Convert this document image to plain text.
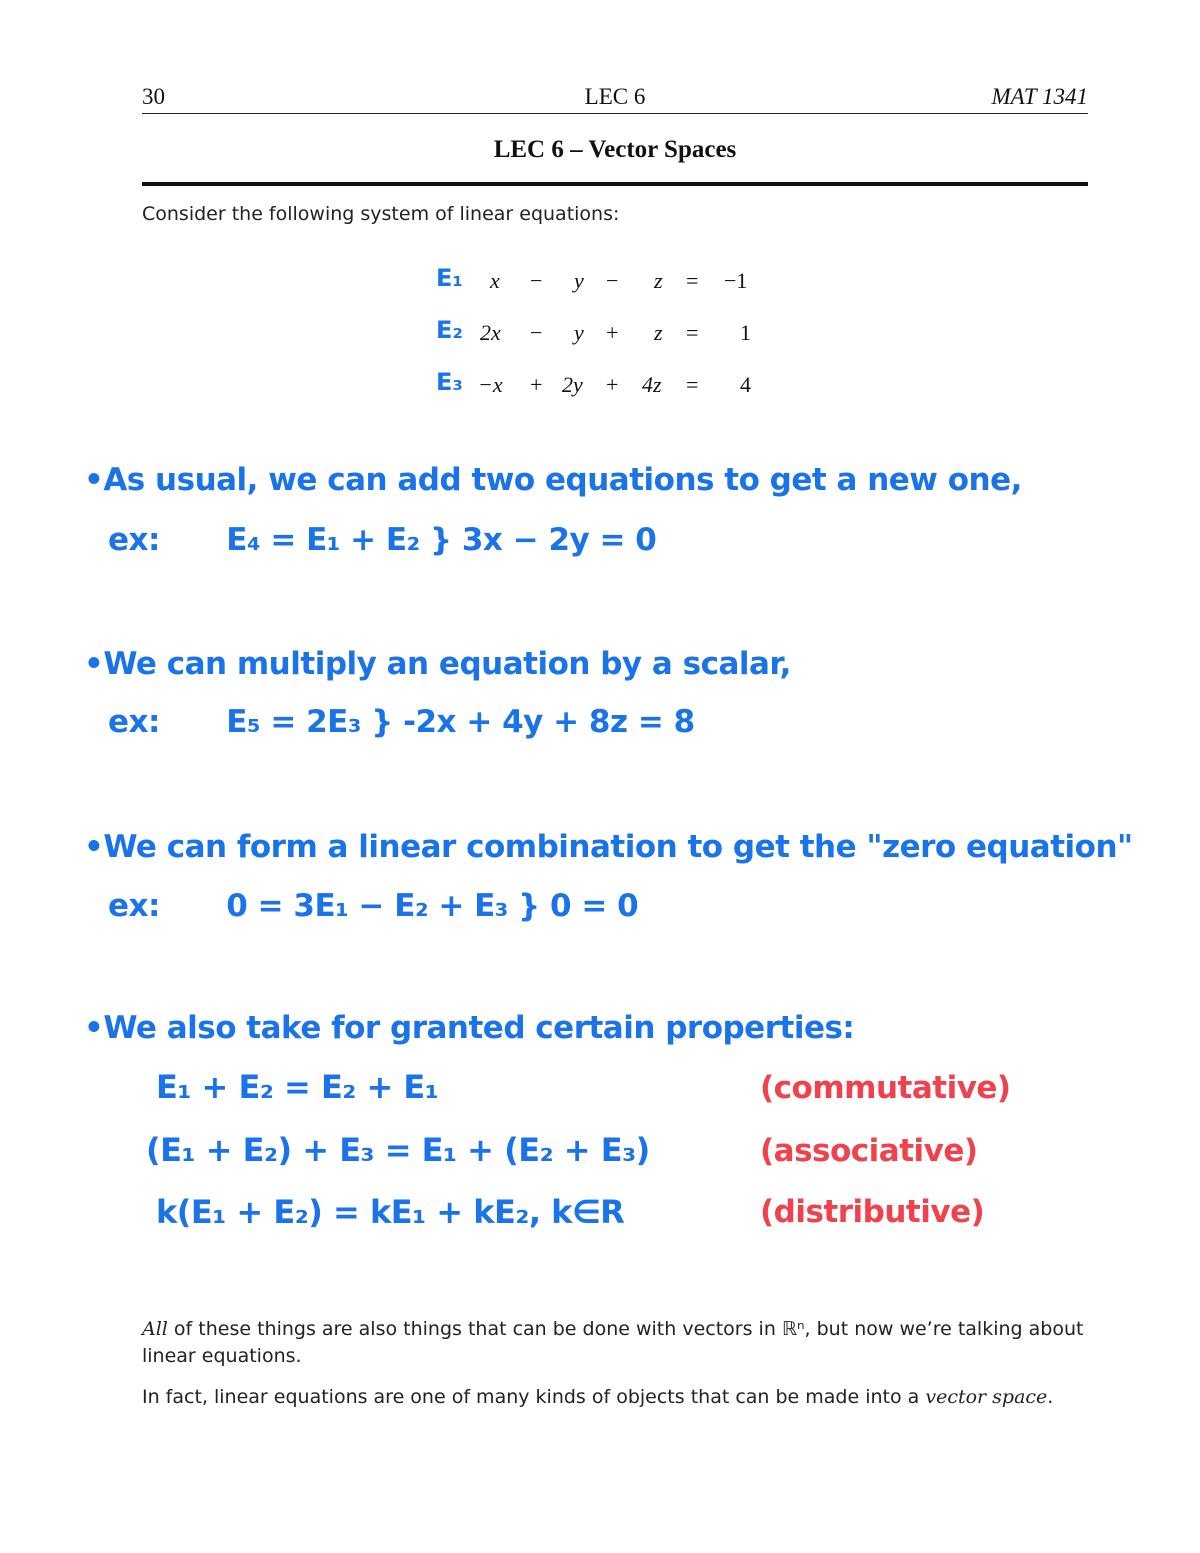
30	LEC 6	MAT 1341
LEC 6 – Vector Spaces
Consider the following system of linear equations:
E₁ x − y − z = −1
E₂ 2x − y + z = 1
E₃ −x + 2y + 4z = 4
•As usual, we can add two equations to get a new one,
ex: E₄ = E₁ + E₂ } 3x − 2y = 0
•We can multiply an equation by a scalar,
ex: E₅ = 2E₃ } -2x + 4y + 8z = 8
•We can form a linear combination to get the "zero equation"
ex: 0 = 3E₁ − E₂ + E₃ } 0 = 0
•We also take for granted certain properties:
E₁ + E₂ = E₂ + E₁	(commutative)
(E₁ + E₂) + E₃ = E₁ + (E₂ + E₃)	(associative)
k(E₁ + E₂) = kE₁ + kE₂, k∈R	(distributive)
All of these things are also things that can be done with vectors in ℝⁿ, but now we’re talking about linear equations.
In fact, linear equations are one of many kinds of objects that can be made into a vector space.
